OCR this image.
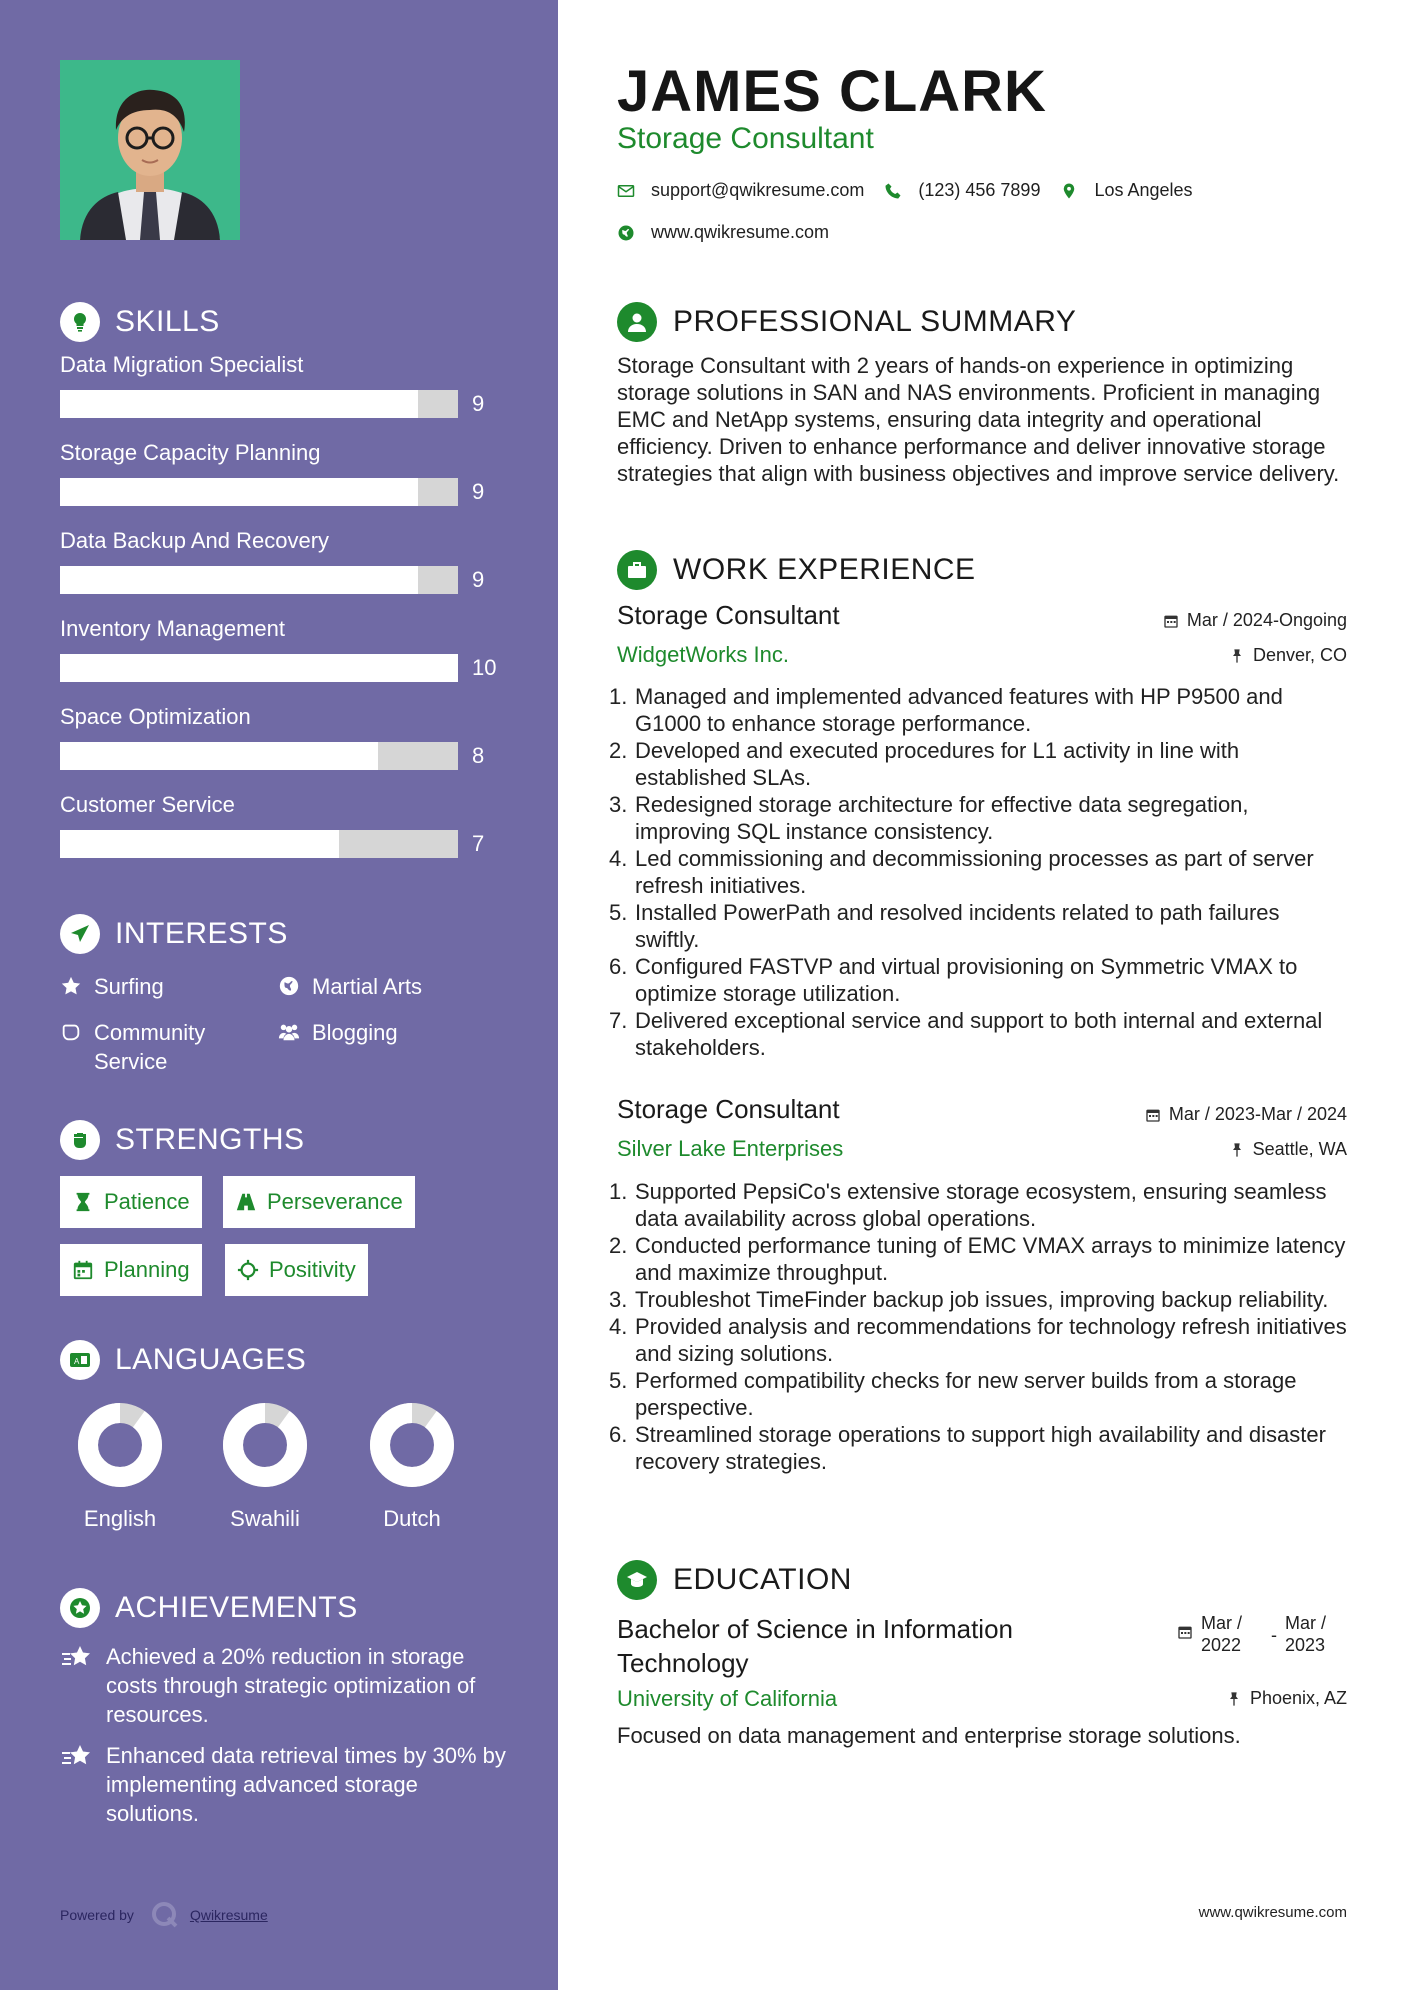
SKILLS
Data Migration Specialist
9
Storage Capacity Planning
9
Data Backup And Recovery
9
Inventory Management
10
Space Optimization
8
Customer Service
7
INTERESTS
Surfing	Martial Arts
Community Service
Blogging
STRENGTHS
Patience	Perseverance
Planning	Positivity
A LANGUAGES
English	Swahili	Dutch
ACHIEVEMENTS
Achieved a 20% reduction in storage costs through strategic optimization of resources.
Enhanced data retrieval times by 30% by implementing advanced storage solutions.
Powered by	Qwikresume
JAMES CLARK
Storage Consultant
support@qwikresume.com	(123) 456 7899	Los Angeles
www.qwikresume.com
PROFESSIONAL SUMMARY
Storage Consultant with 2 years of hands-on experience in optimizing storage solutions in SAN and NAS environments. Proficient in managing EMC and NetApp systems, ensuring data integrity and operational efficiency. Driven to enhance performance and deliver innovative storage strategies that align with business objectives and improve service delivery.
WORK EXPERIENCE
Storage Consultant	Mar / 2024-Ongoing
WidgetWorks Inc.	Denver, CO
1. Managed and implemented advanced features with HP P9500 and G1000 to enhance storage performance.
2. Developed and executed procedures for L1 activity in line with established SLAs.
3. Redesigned storage architecture for effective data segregation, improving SQL instance consistency.
4. Led commissioning and decommissioning processes as part of server refresh initiatives.
5. Installed PowerPath and resolved incidents related to path failures swiftly.
6. Configured FASTVP and virtual provisioning on Symmetric VMAX to optimize storage utilization.
7. Delivered exceptional service and support to both internal and external stakeholders.
Storage Consultant	Mar / 2023-Mar / 2024
Silver Lake Enterprises	Seattle, WA
1. Supported PepsiCo's extensive storage ecosystem, ensuring seamless data availability across global operations.
2. Conducted performance tuning of EMC VMAX arrays to minimize latency and maximize throughput.
3. Troubleshot TimeFinder backup job issues, improving backup reliability.
4. Provided analysis and recommendations for technology refresh initiatives and sizing solutions.
5. Performed compatibility checks for new server builds from a storage perspective.
6. Streamlined storage operations to support high availability and disaster recovery strategies.
EDUCATION
Bachelor of Science in Information Technology
Mar / 2022	-
Mar / 2023
University of California	Phoenix, AZ
Focused on data management and enterprise storage solutions.
www.qwikresume.com
